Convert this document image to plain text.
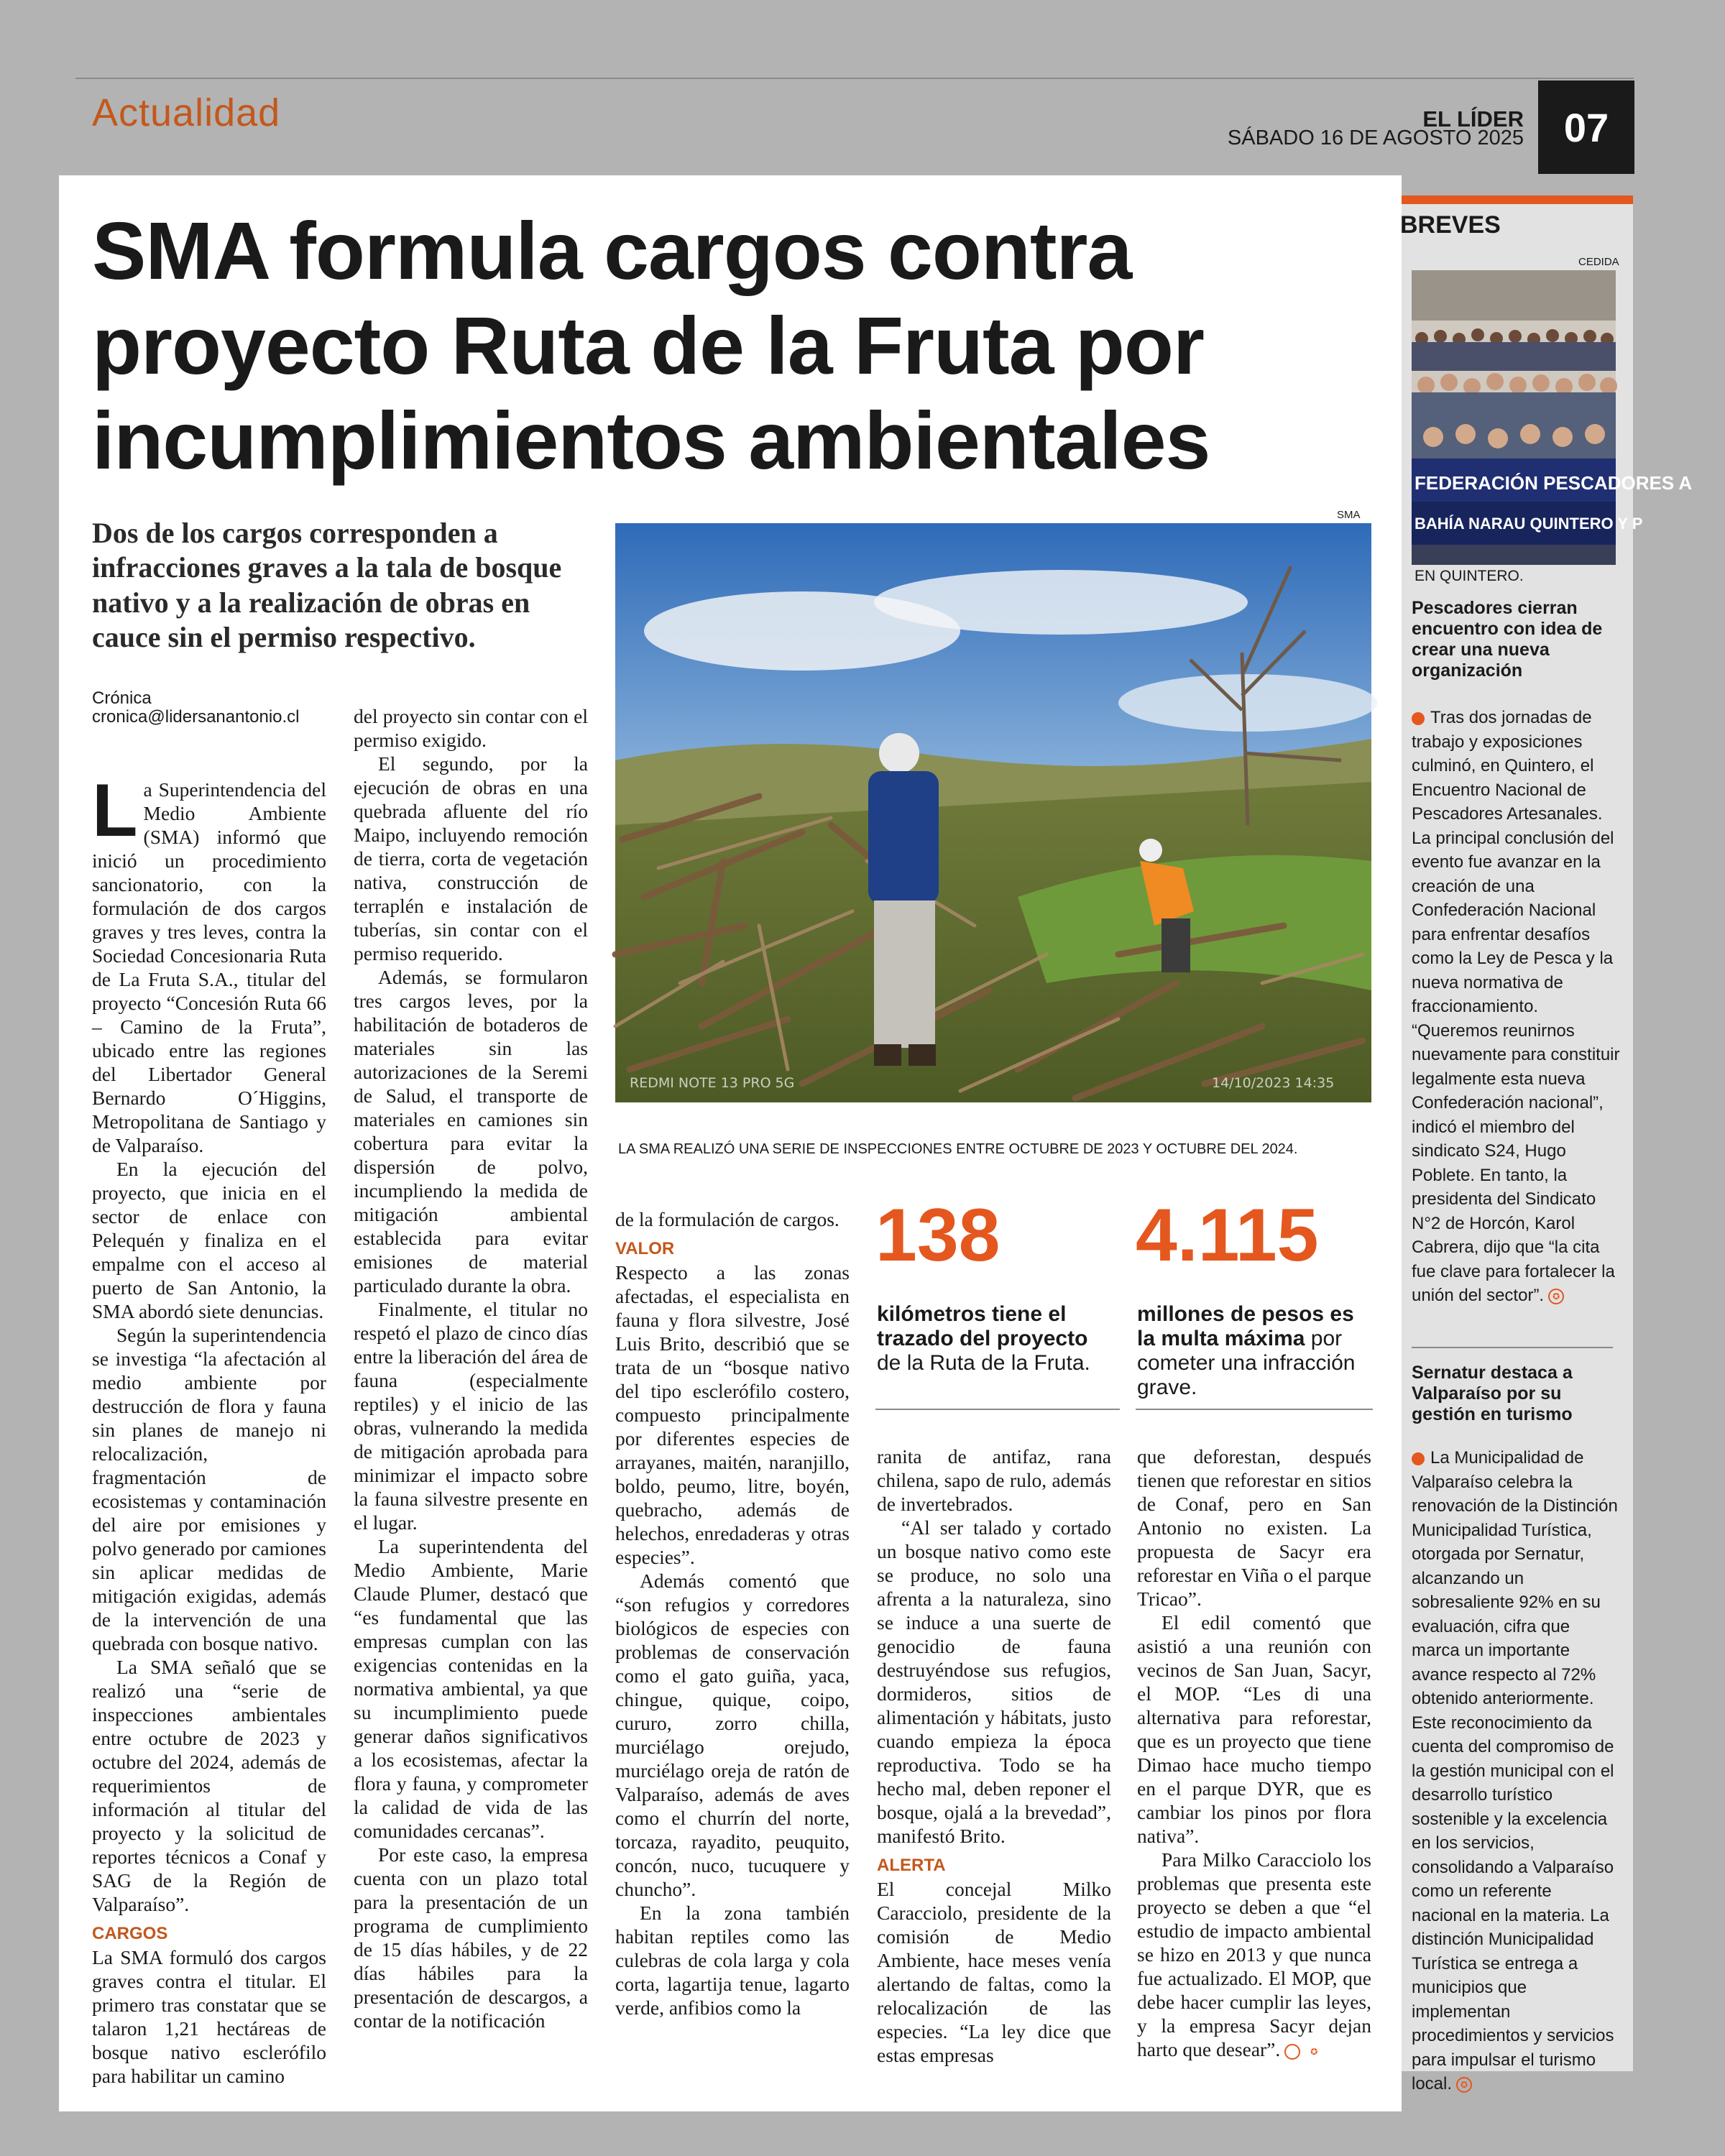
Actualidad	EL LÍDER
SÁBADO 16 DE AGOSTO 2025 07
SMA formula cargos contra
proyecto Ruta de la Fruta por
incumplimientos ambientales
Dos de los cargos corresponden a
infracciones graves a la tala de bosque
nativo y a la realización de obras en
cauce sin el permiso respectivo.
Crónica
cronica@lidersanantonio.cl

La Superintendencia del Medio Ambiente (SMA) informó que inició un procedimiento sancionatorio, con la formulación de dos cargos graves y tres leves, contra la Sociedad Concesionaria Ruta de La Fruta S.A., titular del proyecto “Concesión Ruta 66 – Camino de la Fruta”, ubicado entre las regiones del Libertador General Bernardo O´Higgins, Metropolitana de Santiago y de Valparaíso.

En la ejecución del proyecto, que inicia en el sector de enlace con Pelequén y finaliza en el empalme con el acceso al puerto de San Antonio, la SMA abordó siete denuncias.

Según la superintendencia se investiga “la afectación al medio ambiente por destrucción de flora y fauna sin planes de manejo ni relocalización, fragmentación de ecosistemas y contaminación del aire por emisiones y polvo generado por camiones sin aplicar medidas de mitigación exigidas, además de la intervención de una quebrada con bosque nativo.

La SMA señaló que se realizó una “serie de inspecciones ambientales entre octubre de 2023 y octubre del 2024, además de requerimientos de información al titular del proyecto y la solicitud de reportes técnicos a Conaf y SAG de la Región de Valparaíso”.

CARGOS

La SMA formuló dos cargos graves contra el titular. El primero tras constatar que se talaron 1,21 hectáreas de bosque nativo esclerófilo para habilitar un camino

del proyecto sin contar con el permiso exigido.

El segundo, por la ejecución de obras en una quebrada afluente del río Maipo, incluyendo remoción de tierra, corta de vegetación nativa, construcción de terraplén e instalación de tuberías, sin contar con el permiso requerido.

Además, se formularon tres cargos leves, por la habilitación de botaderos de materiales sin las autorizaciones de la Seremi de Salud, el transporte de materiales en camiones sin cobertura para evitar la dispersión de polvo, incumpliendo la medida de mitigación ambiental establecida para evitar emisiones de material particulado durante la obra.

Finalmente, el titular no respetó el plazo de cinco días entre la liberación del área de fauna (especialmente reptiles) y el inicio de las obras, vulnerando la medida de mitigación aprobada para minimizar el impacto sobre la fauna silvestre presente en el lugar.

La superintendenta del Medio Ambiente, Marie Claude Plumer, destacó que “es fundamental que las empresas cumplan con las exigencias contenidas en la normativa ambiental, ya que su incumplimiento puede generar daños significativos a los ecosistemas, afectar la flora y fauna, y comprometer la calidad de vida de las comunidades cercanas”.

Por este caso, la empresa cuenta con un plazo total para la presentación de un programa de cumplimiento de 15 días hábiles, y de 22 días hábiles para la presentación de descargos, a contar de la notificación

SMA
REDMI NOTE 13 PRO 5G	14/10/2023 14:35
LA SMA REALIZÓ UNA SERIE DE INSPECCIONES ENTRE OCTUBRE DE 2023 Y OCTUBRE DEL 2024.

de la formulación de cargos.

VALOR

Respecto a las zonas afectadas, el especialista en fauna y flora silvestre, José Luis Brito, describió que se trata de un “bosque nativo del tipo esclerófilo costero, compuesto principalmente por diferentes especies de arrayanes, maitén, naranjillo, boldo, peumo, litre, boyén, quebracho, además de helechos, enredaderas y otras especies”.

Además comentó que “son refugios y corredores biológicos de especies con problemas de conservación como el gato guiña, yaca, chingue, quique, coipo, cururo, zorro chilla, murciélago orejudo, murciélago oreja de ratón de Valparaíso, además de aves como el churrín del norte, torcaza, rayadito, peuquito, concón, nuco, tucuquere y chuncho”.

En la zona también habitan reptiles como las culebras de cola larga y cola corta, lagartija tenue, lagarto verde, anfibios como la

138
kilómetros tiene el trazado del proyecto de la Ruta de la Fruta.
4.115
millones de pesos es la multa máxima por cometer una infracción grave.

ranita de antifaz, rana chilena, sapo de rulo, además de invertebrados.

“Al ser talado y cortado un bosque nativo como este se produce, no solo una afrenta a la naturaleza, sino se induce a una suerte de genocidio de fauna destruyéndose sus refugios, dormideros, sitios de alimentación y hábitats, justo cuando empieza la época reproductiva. Todo se ha hecho mal, deben reponer el bosque, ojalá a la brevedad”, manifestó Brito.

ALERTA

El concejal Milko Caracciolo, presidente de la comisión de Medio Ambiente, hace meses venía alertando de faltas, como la relocalización de las especies. “La ley dice que estas empresas

que deforestan, después tienen que reforestar en sitios de Conaf, pero en San Antonio no existen. La propuesta de Sacyr era reforestar en Viña o el parque Tricao”.

El edil comentó que asistió a una reunión con vecinos de San Juan, Sacyr, el MOP. “Les di una alternativa para reforestar, que es un proyecto que tiene Dimao hace mucho tiempo en el parque DYR, que es cambiar los pinos por flora nativa”.

Para Milko Caracciolo los problemas que presenta este proyecto se deben a que “el estudio de impacto ambiental se hizo en 2013 y que nunca fue actualizado. El MOP, que debe hacer cumplir las leyes, y la empresa Sacyr dejan harto que desear”.	✪

BREVES
CEDIDA
FEDERACIÓN PESCADORES A
BAHÍA NARAU QUINTERO Y P
EN QUINTERO.
Pescadores cierran encuentro con idea de crear una nueva organización
Tras dos jornadas de trabajo y exposiciones culminó, en Quintero, el Encuentro Nacional de Pescadores Artesanales. La principal conclusión del evento fue avanzar en la creación de una Confederación Nacional para enfrentar desafíos como la Ley de Pesca y la nueva normativa de fraccionamiento. “Queremos reunirnos nuevamente para constituir legalmente esta nueva Confederación nacional”, indicó el miembro del sindicato S24, Hugo Poblete. En tanto, la presidenta del Sindicato N°2 de Horcón, Karol Cabrera, dijo que “la cita fue clave para fortalecer la unión del sector”. ✪
Sernatur destaca a Valparaíso por su gestión en turismo
La Municipalidad de Valparaíso celebra la renovación de la Distinción Municipalidad Turística, otorgada por Sernatur, alcanzando un sobresaliente 92% en su evaluación, cifra que marca un importante avance respecto al 72% obtenido anteriormente. Este reconocimiento da cuenta del compromiso de la gestión municipal con el desarrollo turístico sostenible y la excelencia en los servicios, consolidando a Valparaíso como un referente nacional en la materia. La distinción Municipalidad Turística se entrega a municipios que implementan procedimientos y servicios para impulsar el turismo local. ✪
